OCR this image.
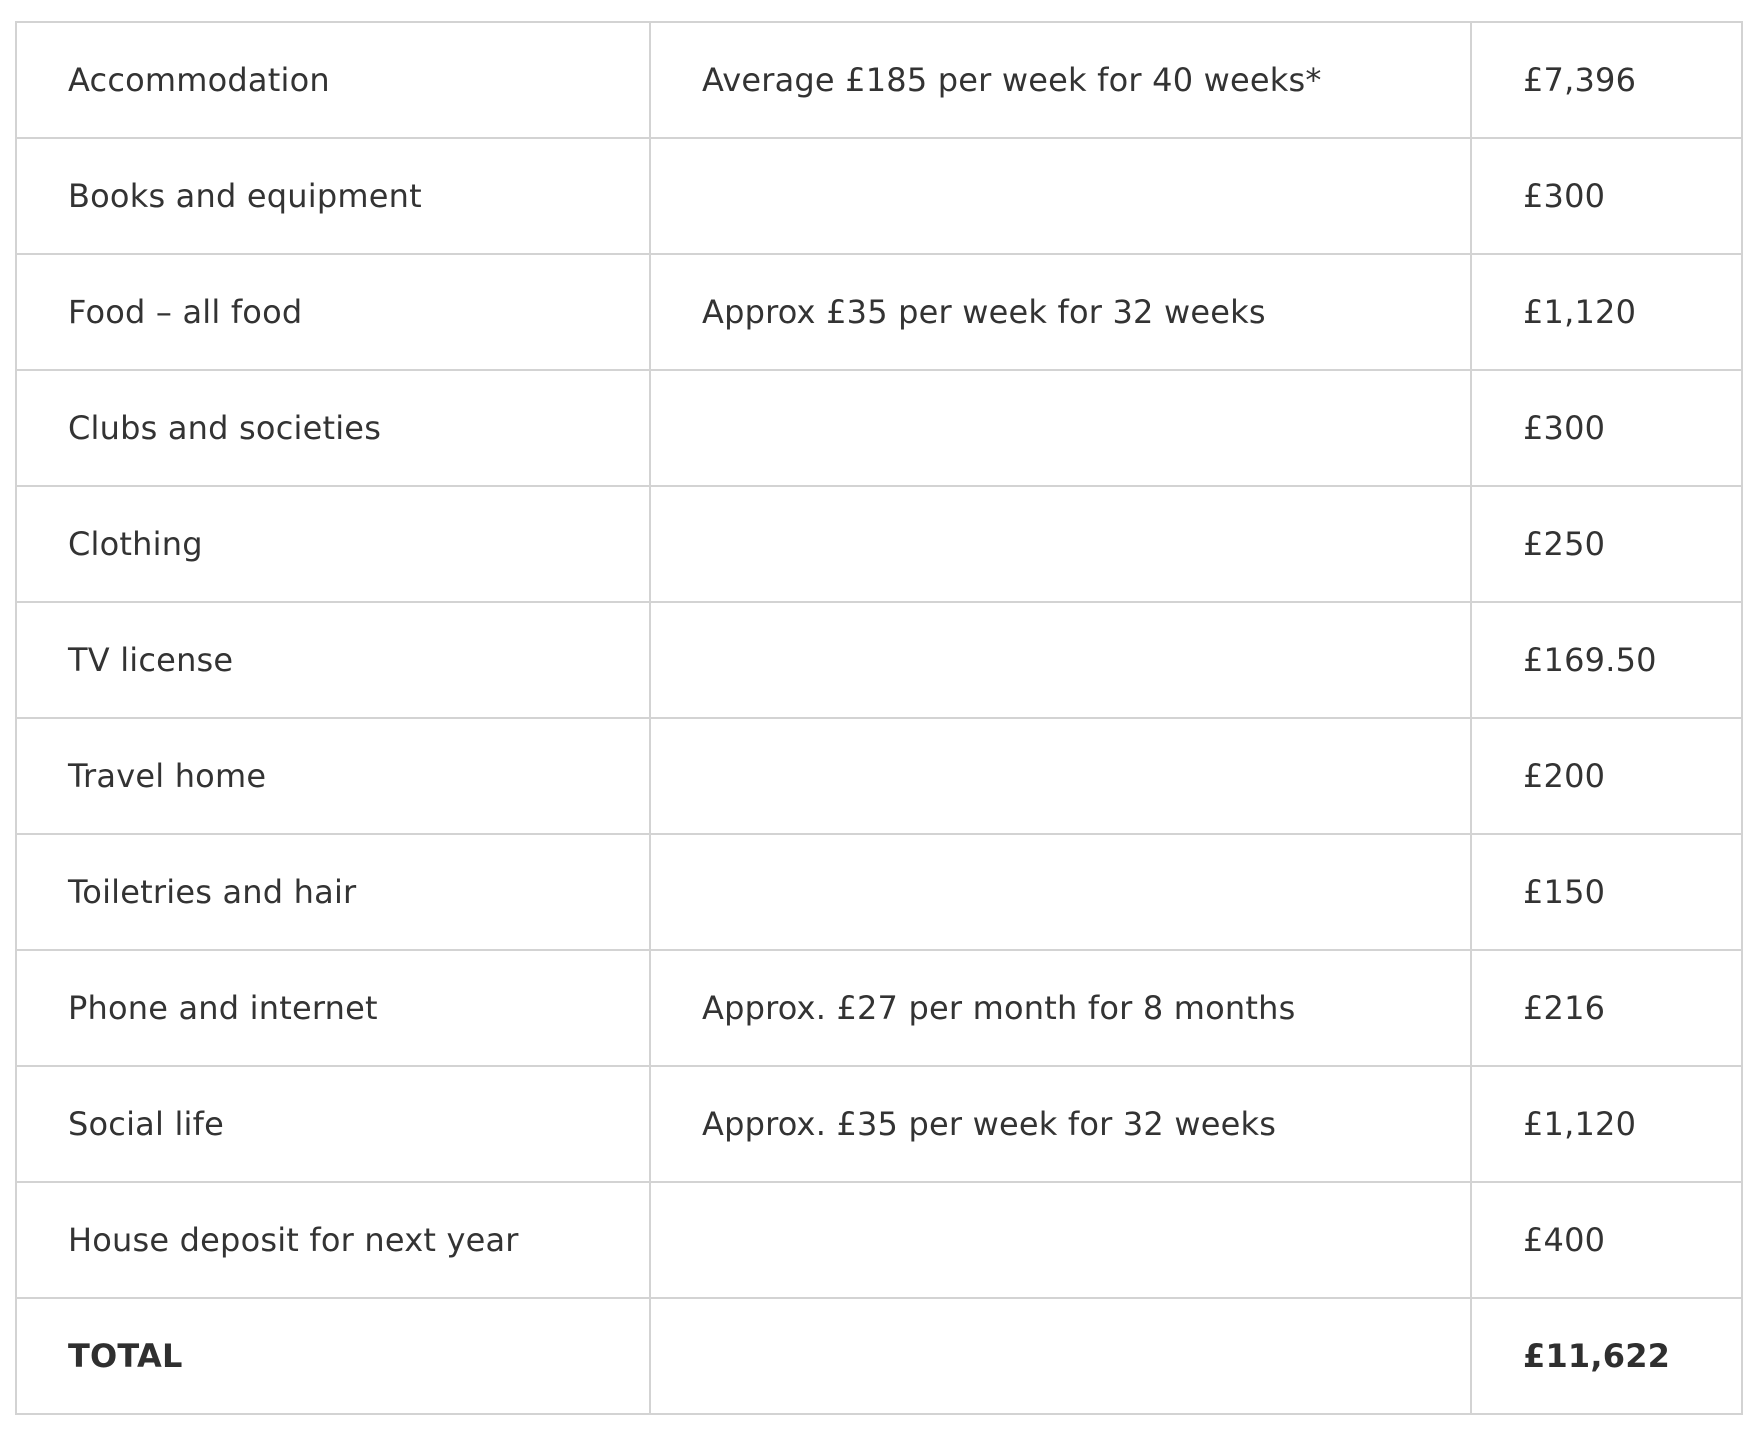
Accommodation	Average £185 per week for 40 weeks*	£7,396
Books and equipment		£300
Food – all food	Approx £35 per week for 32 weeks	£1,120
Clubs and societies		£300
Clothing		£250
TV license		£169.50
Travel home		£200
Toiletries and hair		£150
Phone and internet	Approx. £27 per month for 8 months	£216
Social life	Approx. £35 per week for 32 weeks	£1,120
House deposit for next year		£400
TOTAL		£11,622
